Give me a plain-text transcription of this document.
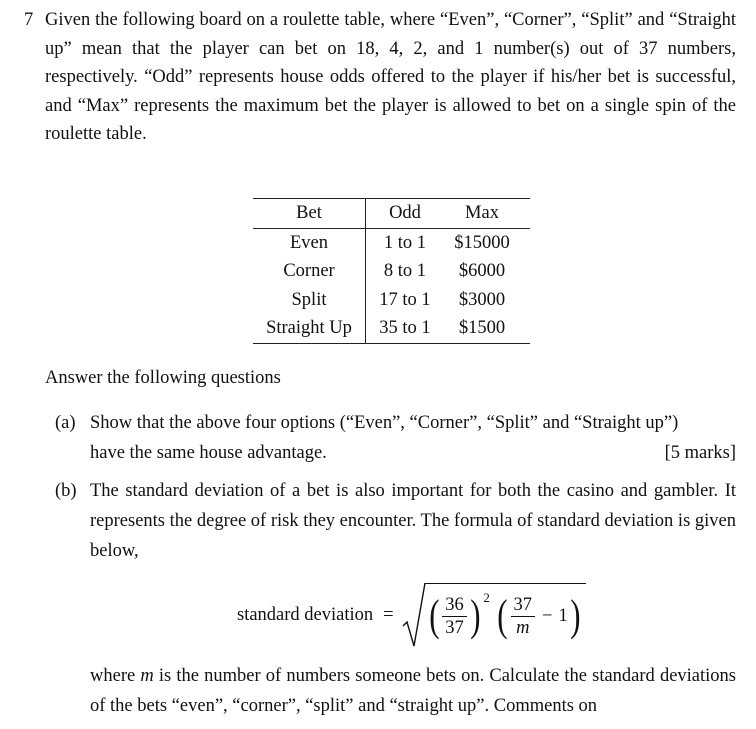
7 Given the following board on a roulette table, where “Even”, “Corner”, “Split” and “Straight up” mean that the player can bet on 18, 4, 2, and 1 number(s) out of 37 numbers, respectively. “Odd” represents house odds offered to the player if his/her bet is successful, and “Max” represents the maximum bet the player is allowed to bet on a single spin of the roulette table.

Bet	Odd	Max
Even	1 to 1	$15000
Corner	8 to 1	$6000
Split	17 to 1	$3000
Straight Up	35 to 1	$1500

Answer the following questions

(a) Show that the above four options (“Even”, “Corner”, “Split” and “Straight up”)

have the same house advantage.	[5 marks]
(b) The standard deviation of a bet is also important for both the casino and gambler. It represents the degree of risk they encounter. The formula of standard deviation is given below,

standard deviation = ( $\frac{36}{37}$ ) 2 ( $\frac{37}{m} - 1$ )

where m is the number of numbers someone bets on. Calculate the standard deviations of the bets “even”, “corner”, “split” and “straight up”. Comments on
